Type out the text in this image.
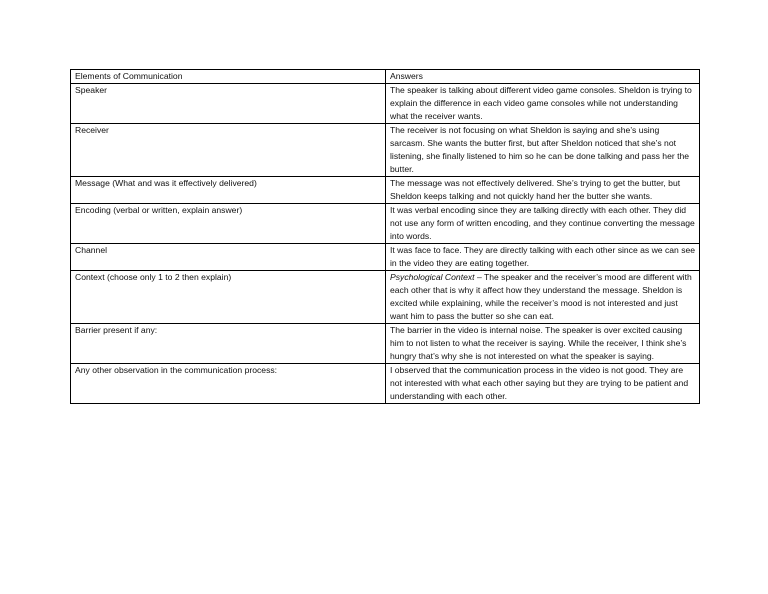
Elements of Communication	Answers
Speaker	The speaker is talking about different video game consoles. Sheldon is trying to explain the difference in each video game consoles while not understanding what the receiver wants.
Receiver	The receiver is not focusing on what Sheldon is saying and she’s using sarcasm. She wants the butter first, but after Sheldon noticed that she’s not listening, she finally listened to him so he can be done talking and pass her the butter.
Message (What and was it effectively delivered)	The message was not effectively delivered. She’s trying to get the butter, but Sheldon keeps talking and not quickly hand her the butter she wants.
Encoding (verbal or written, explain answer)	It was verbal encoding since they are talking directly with each other. They did not use any form of written encoding, and they continue converting the message into words.
Channel	It was face to face. They are directly talking with each other since as we can see in the video they are eating together.
Context (choose only 1 to 2 then explain)	Psychological Context – The speaker and the receiver’s mood are different with each other that is why it affect how they understand the message. Sheldon is excited while explaining, while the receiver’s mood is not interested and just want him to pass the butter so she can eat.
Barrier present if any:	The barrier in the video is internal noise. The speaker is over excited causing him to not listen to what the receiver is saying. While the receiver, I think she’s hungry that’s why she is not interested on what the speaker is saying.
Any other observation in the communication process:	I observed that the communication process in the video is not good. They are not interested with what each other saying but they are trying to be patient and understanding with each other.
